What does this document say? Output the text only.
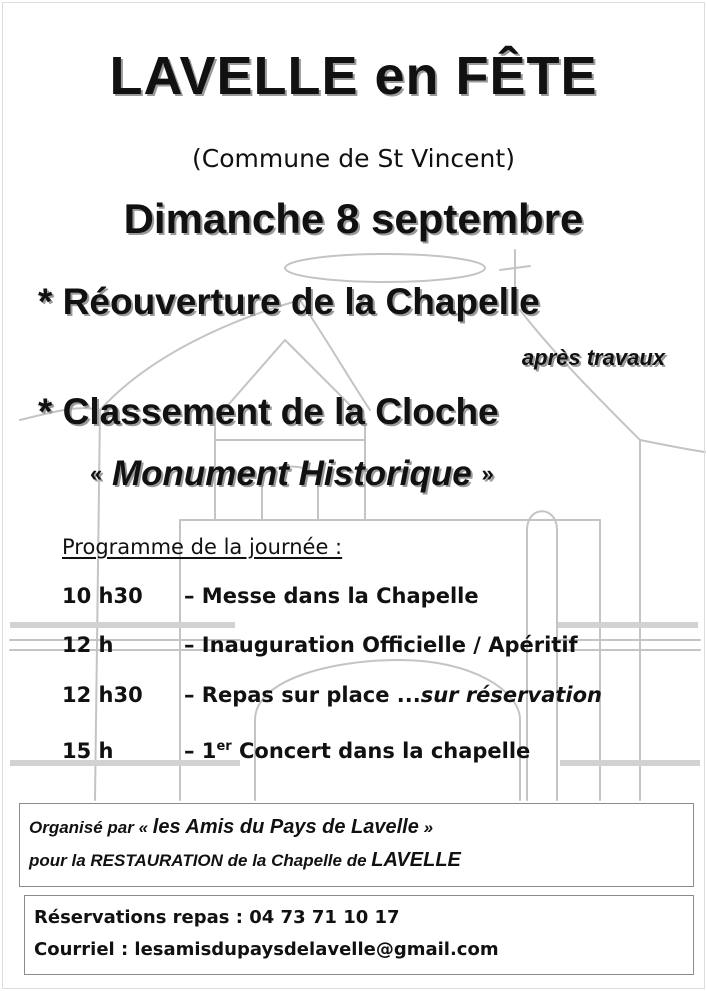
LAVELLE en FÊTE
(Commune de St Vincent)
Dimanche 8 septembre
* Réouverture de la Chapelle
après travaux
* Classement de la Cloche
« Monument Historique »
Programme de la journée :
10 h30 – Messe dans la Chapelle
12 h	– Inauguration Officielle / Apéritif
12 h30 – Repas sur place ...sur réservation
15 h	– 1er Concert dans la chapelle
Organisé par « les Amis du Pays de Lavelle »
pour la RESTAURATION de la Chapelle de LAVELLE
Réservations repas : 04 73 71 10 17
Courriel : lesamisdupaysdelavelle@gmail.com
